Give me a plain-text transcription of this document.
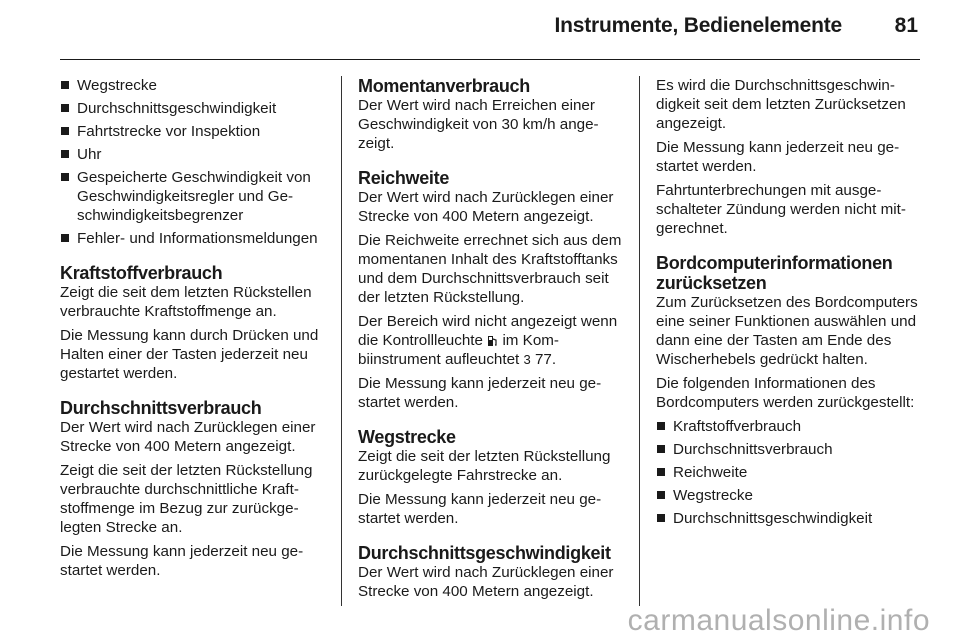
Instrumente, Bedienelemente	81
Wegstrecke
Durchschnittsgeschwindigkeit
Fahrtstrecke vor Inspektion
Uhr
Gespeicherte Geschwindigkeit von Geschwindigkeitsregler und Geschwindigkeitsbegrenzer
Fehler- und Informationsmeldungen
Kraftstoffverbrauch

Zeigt die seit dem letzten Rückstellen verbrauchte Kraftstoffmenge an.

Die Messung kann durch Drücken und Halten einer der Tasten jederzeit neu gestartet werden.

Durchschnittsverbrauch

Der Wert wird nach Zurücklegen einer Strecke von 400 Metern angezeigt.

Zeigt die seit der letzten Rückstellung verbrauchte durchschnittliche Kraftstoffmenge im Bezug zur zurückgelegten Strecke an.

Die Messung kann jederzeit neu gestartet werden.

Momentanverbrauch

Der Wert wird nach Erreichen einer Geschwindigkeit von 30 km/h angezeigt.

Reichweite

Der Wert wird nach Zurücklegen einer Strecke von 400 Metern angezeigt.

Die Reichweite errechnet sich aus dem momentanen Inhalt des Kraftstofftanks und dem Durchschnittsverbrauch seit der letzten Rückstellung.

Der Bereich wird nicht angezeigt wenn die Kontrollleuchte im Kombiinstrument aufleuchtet 3 77.

Die Messung kann jederzeit neu gestartet werden.

Wegstrecke

Zeigt die seit der letzten Rückstellung zurückgelegte Fahrstrecke an.

Die Messung kann jederzeit neu gestartet werden.

Durchschnittsgeschwindigkeit

Der Wert wird nach Zurücklegen einer Strecke von 400 Metern angezeigt.

Es wird die Durchschnittsgeschwindigkeit seit dem letzten Zurücksetzen angezeigt.

Die Messung kann jederzeit neu gestartet werden.

Fahrtunterbrechungen mit ausgeschalteter Zündung werden nicht mitgerechnet.

Bordcomputerinformationen zurücksetzen

Zum Zurücksetzen des Bordcomputers eine seiner Funktionen auswählen und dann eine der Tasten am Ende des Wischerhebels gedrückt halten.

Die folgenden Informationen des Bordcomputers werden zurückgestellt:

Kraftstoffverbrauch
Durchschnittsverbrauch
Reichweite
Wegstrecke
Durchschnittsgeschwindigkeit
carmanualsonline.info
